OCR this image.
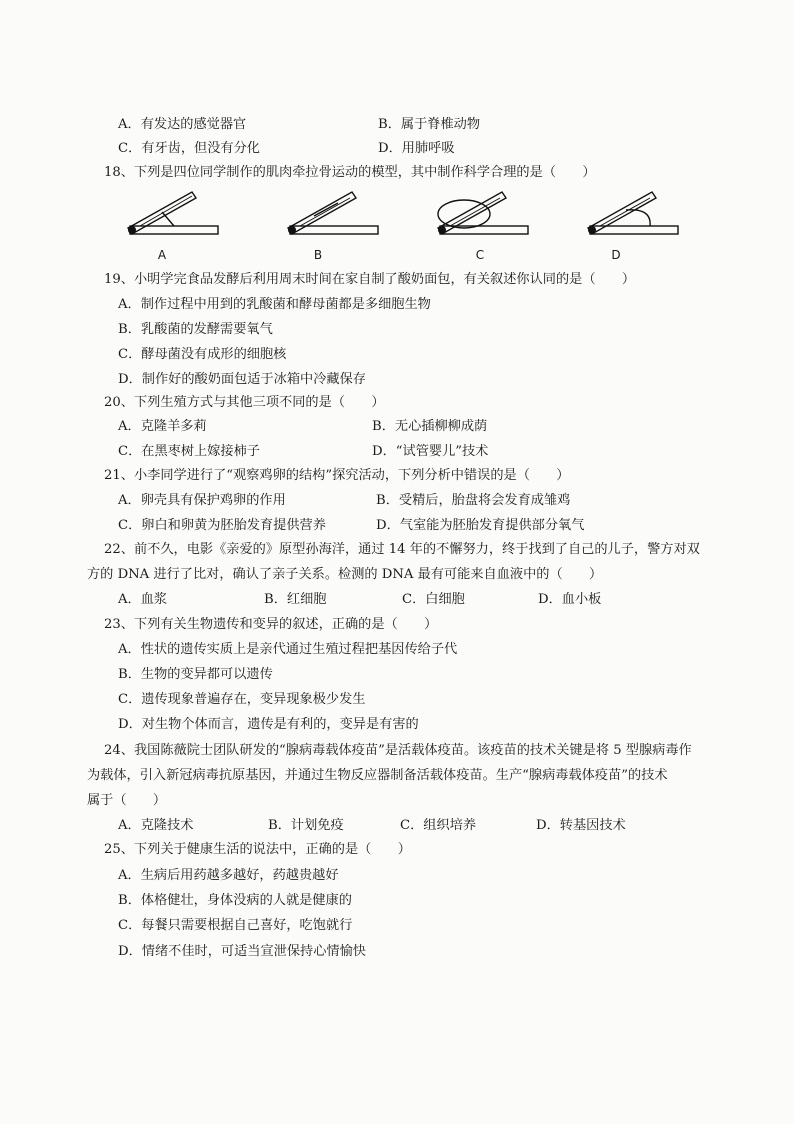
A．有发达的感觉器官	B．属于脊椎动物
C．有牙齿，但没有分化	D．用肺呼吸
18、下列是四位同学制作的肌肉牵拉骨运动的模型，其中制作科学合理的是（　　）
A	B	C	D
19、小明学完食品发酵后利用周末时间在家自制了酸奶面包，有关叙述你认同的是（　　）
A．制作过程中用到的乳酸菌和酵母菌都是多细胞生物
B．乳酸菌的发酵需要氧气
C．酵母菌没有成形的细胞核
D．制作好的酸奶面包适于冰箱中冷藏保存
20、下列生殖方式与其他三项不同的是（　　）
A．克隆羊多莉	B．无心插柳柳成荫
C．在黑枣树上嫁接柿子	D．“试管婴儿”技术
21、小李同学进行了“观察鸡卵的结构”探究活动，下列分析中错误的是（　　）
A．卵壳具有保护鸡卵的作用	B．受精后，胎盘将会发育成雏鸡
C．卵白和卵黄为胚胎发育提供营养	D．气室能为胚胎发育提供部分氧气
22、前不久，电影《亲爱的》原型孙海洋，通过 14 年的不懈努力，终于找到了自己的儿子，警方对双
方的 DNA 进行了比对，确认了亲子关系。检测的 DNA 最有可能来自血液中的（　　）
A．血浆	B．红细胞	C．白细胞	D．血小板
23、下列有关生物遗传和变异的叙述，正确的是（　　）
A．性状的遗传实质上是亲代通过生殖过程把基因传给子代
B．生物的变异都可以遗传
C．遗传现象普遍存在，变异现象极少发生
D．对生物个体而言，遗传是有利的，变异是有害的
24、我国陈薇院士团队研发的“腺病毒载体疫苗”是活载体疫苗。该疫苗的技术关键是将 5 型腺病毒作
为载体，引入新冠病毒抗原基因，并通过生物反应器制备活载体疫苗。生产“腺病毒载体疫苗”的技术
属于（　　）
A．克隆技术	B．计划免疫	C．组织培养	D．转基因技术
25、下列关于健康生活的说法中，正确的是（　　）
A．生病后用药越多越好，药越贵越好
B．体格健壮，身体没病的人就是健康的
C．每餐只需要根据自己喜好，吃饱就行
D．情绪不佳时，可适当宣泄保持心情愉快
